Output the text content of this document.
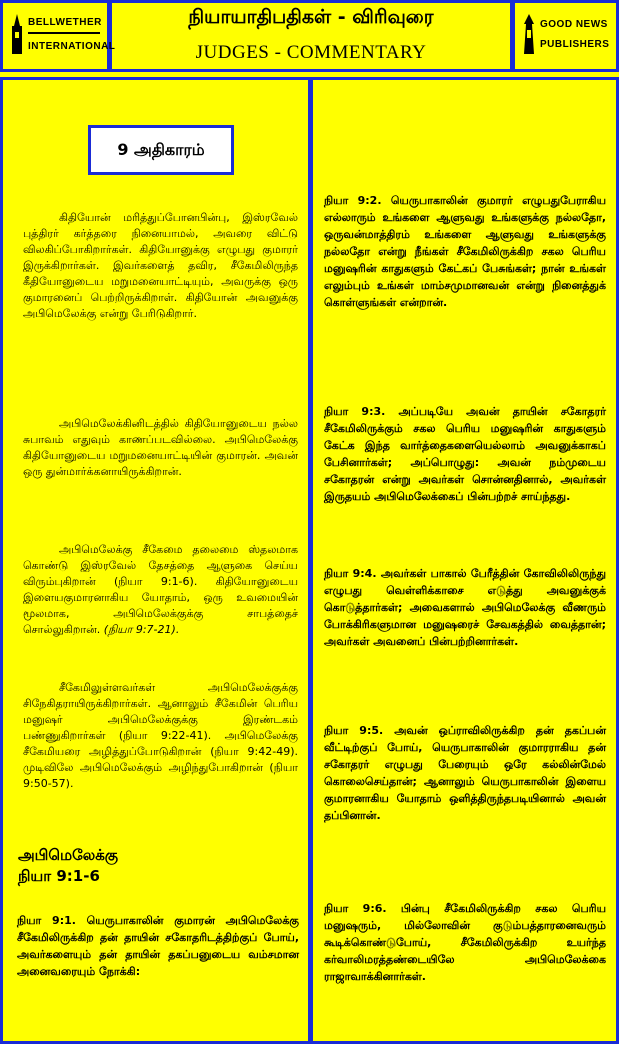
BELLWETHER
INTERNATIONAL
நியாயாதிபதிகள் - விரிவுரை
JUDGES - COMMENTARY
GOOD NEWS
PUBLISHERS
9 அதிகாரம்
கிதியோன் மரித்துப்போனபின்பு, இஸ்ரவேல் புத்திரர் கர்த்தரை நினையாமல், அவரை விட்டு விலகிப்போகிறார்கள். கிதியோனுக்கு எழுபது குமாரர் இருக்கிறார்கள். இவர்களைத் தவிர, சீகேமிலிருந்த கீதியோனுடைய மறுமனையாட்டியும், அவருக்கு ஒரு குமாரனைப் பெற்றிருக்கிறாள். கிதியோன் அவனுக்கு அபிமெலேக்கு என்று பேரிடுகிறார்.
அபிமெலேக்கினிடத்தில் கிதியோனுடைய நல்ல சுபாவம் எதுவும் காணப்படவில்லை. அபிமெலேக்கு கிதியோனுடைய மறுமனையாட்டியின் குமாரன். அவன் ஒரு துன்மார்க்கனாயிருக்கிறான்.
அபிமெலேக்கு சீகேமை தலைமை ஸ்தலமாக கொண்டு இஸ்ரவேல் தேசத்தை ஆளுகை செய்ய விரும்புகிறான் (நியா 9:1-6). கிதியோனுடைய இளையகுமாரனாகிய யோதாம், ஒரு உவமையின் மூலமாக, அபிமெலேக்குக்கு சாபத்தைச் சொல்லுகிறான். (நியா 9:7-21).
சீகேமிலுள்ளவர்கள் அபிமெலேக்குக்கு சிநேகிதராயிருக்கிறார்கள். ஆனாலும் சீகேமின் பெரிய மனுஷர் அபிமெலேக்குக்கு இரண்டகம் பண்ணுகிறார்கள் (நியா 9:22-41). அபிமெலேக்கு சீகேமியரை அழித்துப்போடுகிறான் (நியா 9:42-49). முடிவிலே அபிமெலேக்கும் அழிந்துபோகிறான் (நியா 9:50-57).
அபிமெலேக்கு
நியா 9:1-6
நியா 9:1. யெருபாகாலின் குமாரன் அபிமெலேக்கு சீகேமிலிருக்கிற தன் தாயின் சகோதரிடத்திற்குப் போய், அவர்களையும் தன் தாயின் தகப்பனுடைய வம்சமான அனைவரையும் நோக்கி:
நியா 9:2. யெருபாகாலின் குமாரர் எழுபதுபேராகிய எல்லாரும் உங்களை ஆளுவது உங்களுக்கு நல்லதோ, ஒருவன்மாத்திரம் உங்களை ஆளுவது உங்களுக்கு நல்லதோ என்று நீங்கள் சீகேமிலிருக்கிற சகல பெரிய மனுஷரின் காதுகளும் கேட்கப் பேசுங்கள்; நான் உங்கள் எலும்பும் உங்கள் மாம்சமுமானவன் என்று நினைத்துக் கொள்ளுங்கள் என்றான்.
நியா 9:3. அப்படியே அவன் தாயின் சகோதரர் சீகேமிலிருக்கும் சகல பெரிய மனுஷரின் காதுகளும் கேட்க இந்த வார்த்தைகளையெல்லாம் அவனுக்காகப் பேசினார்கள்; அப்பொழுது: அவன் நம்முடைய சகோதரன் என்று அவர்கள் சொன்னதினால், அவர்கள் இருதயம் அபிமெலேக்கைப் பின்பற்றச் சாய்ந்தது.
நியா 9:4. அவர்கள் பாகால் பேரீத்தின் கோவிலிலிருந்து எழுபது வெள்ளிக்காசை எடுத்து அவனுக்குக் கொடுத்தார்கள்; அவைகளால் அபிமெலேக்கு வீணரும் போக்கிரிகளுமான மனுஷரைச் சேவகத்தில் வைத்தான்; அவர்கள் அவனைப் பின்பற்றினார்கள்.
நியா 9:5. அவன் ஒப்ராவிலிருக்கிற தன் தகப்பன் வீட்டிற்குப் போய், யெருபாகாலின் குமாரராகிய தன் சகோதரர் எழுபது பேரையும் ஒரே கல்லின்மேல் கொலைசெய்தான்; ஆனாலும் யெருபாகாலின் இளைய குமாரனாகிய யோதாம் ஒளித்திருந்தபடியினால் அவன் தப்பினான்.
நியா 9:6. பின்பு சீகேமிலிருக்கிற சகல பெரிய மனுஷரும், மில்லோவின் குடும்பத்தாரனைவரும் கூடிக்கொண்டுபோய், சீகேமிலிருக்கிற உயர்ந்த கர்வாலிமரத்தண்டையிலே அபிமெலேக்கை ராஜாவாக்கினார்கள்.
